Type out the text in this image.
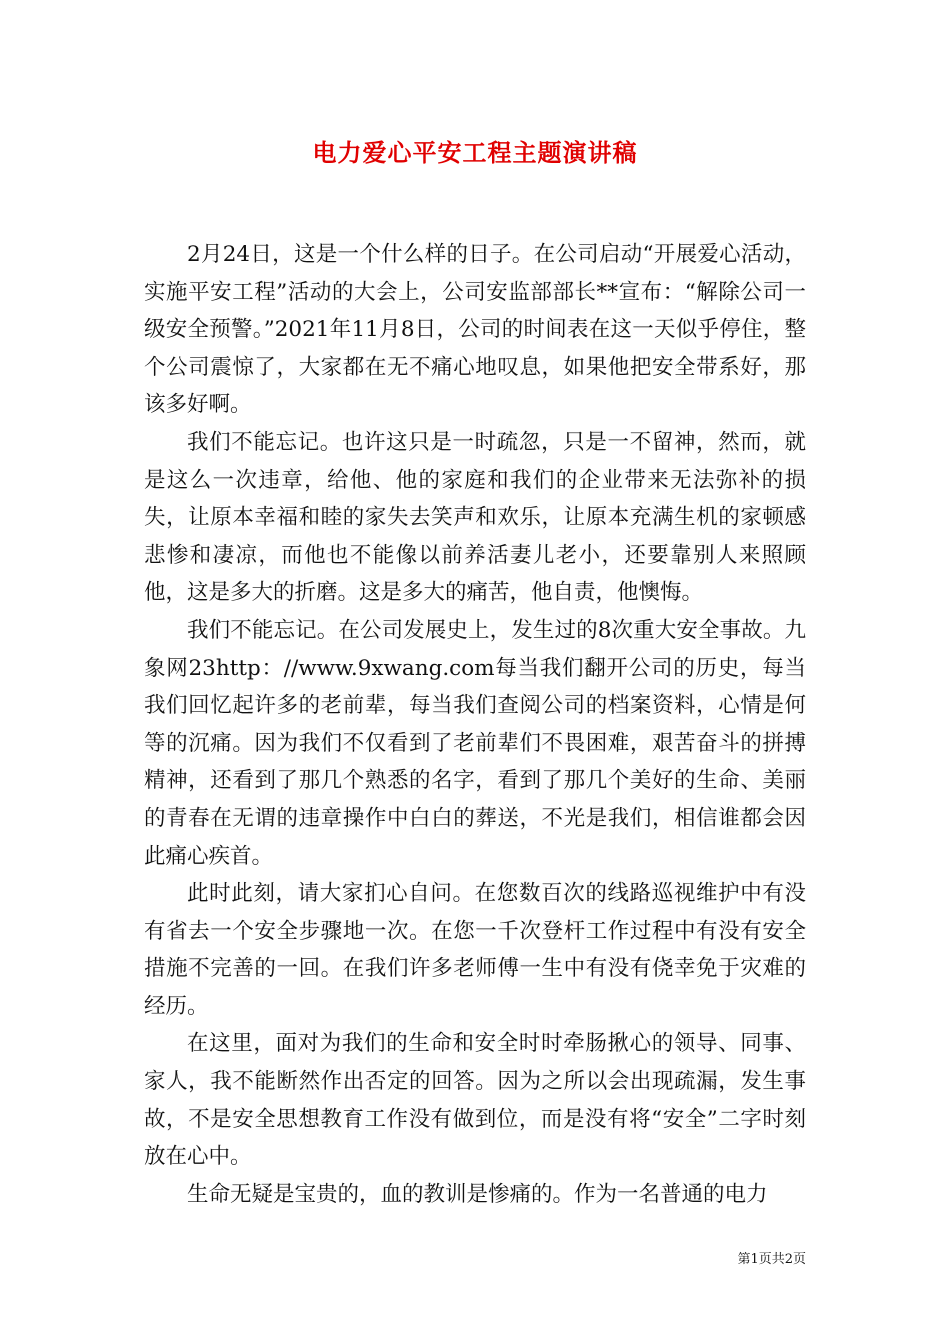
电力爱心平安工程主题演讲稿

2月24日，这是一个什么样的日子。在公司启动“开展爱心活动，实施平安工程”活动的大会上，公司安监部部长**宣布：“解除公司一级安全预警。”2021年11月8日，公司的时间表在这一天似乎停住，整个公司震惊了，大家都在无不痛心地叹息，如果他把安全带系好，那该多好啊。

我们不能忘记。也许这只是一时疏忽，只是一不留神，然而，就是这么一次违章，给他、他的家庭和我们的企业带来无法弥补的损失，让原本幸福和睦的家失去笑声和欢乐，让原本充满生机的家顿感悲惨和凄凉，而他也不能像以前养活妻儿老小，还要靠别人来照顾他，这是多大的折磨。这是多大的痛苦，他自责，他懊悔。

我们不能忘记。在公司发展史上，发生过的8次重大安全事故。九象网23http：//www.9xwang.com每当我们翻开公司的历史，每当我们回忆起许多的老前辈，每当我们查阅公司的档案资料，心情是何等的沉痛。因为我们不仅看到了老前辈们不畏困难，艰苦奋斗的拼搏精神，还看到了那几个熟悉的名字，看到了那几个美好的生命、美丽的青春在无谓的违章操作中白白的葬送，不光是我们，相信谁都会因此痛心疾首。

此时此刻，请大家扪心自问。在您数百次的线路巡视维护中有没有省去一个安全步骤地一次。在您一千次登杆工作过程中有没有安全措施不完善的一回。在我们许多老师傅一生中有没有侥幸免于灾难的经历。

在这里，面对为我们的生命和安全时时牵肠揪心的领导、同事、家人，我不能断然作出否定的回答。因为之所以会出现疏漏，发生事故，不是安全思想教育工作没有做到位，而是没有将“安全”二字时刻放在心中。

生命无疑是宝贵的，血的教训是惨痛的。作为一名普通的电力

第1页共2页
